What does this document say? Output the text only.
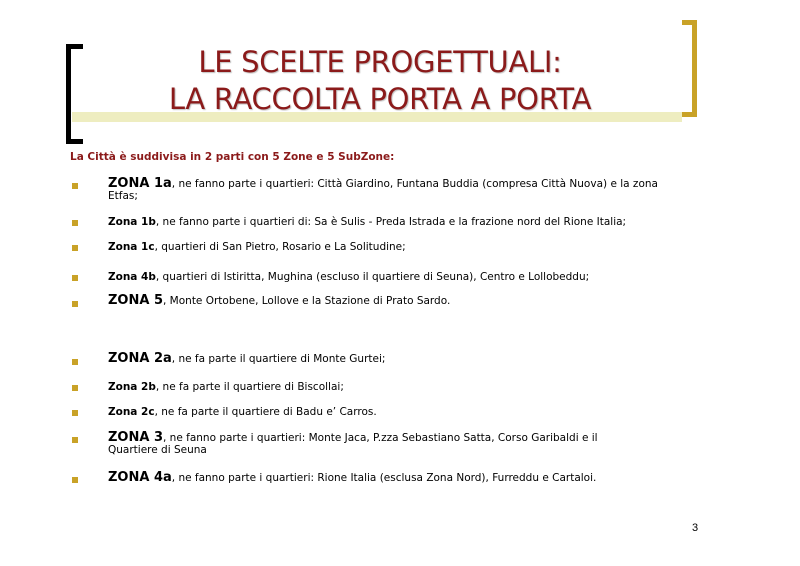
LE SCELTE PROGETTUALI:
LA RACCOLTA PORTA A PORTA
La Città è suddivisa in 2 parti con 5 Zone e 5 SubZone:
ZONA 1a, ne fanno parte i quartieri: Città Giardino, Funtana Buddia (compresa Città Nuova) e la zona Etfas;
Zona 1b, ne fanno parte i quartieri di: Sa è Sulis - Preda Istrada e la frazione nord del Rione Italia;
Zona 1c, quartieri di San Pietro, Rosario e La Solitudine;
Zona 4b, quartieri di Istiritta, Mughina (escluso il quartiere di Seuna), Centro e Lollobeddu;
ZONA 5, Monte Ortobene, Lollove e la Stazione di Prato Sardo.
ZONA 2a, ne fa parte il quartiere di Monte Gurtei;
Zona 2b, ne fa parte il quartiere di Biscollai;
Zona 2c, ne fa parte il quartiere di Badu e’ Carros.
ZONA 3, ne fanno parte i quartieri: Monte Jaca, P.zza Sebastiano Satta, Corso Garibaldi e il Quartiere di Seuna
ZONA 4a, ne fanno parte i quartieri: Rione Italia (esclusa Zona Nord), Furreddu e Cartaloi.
3
